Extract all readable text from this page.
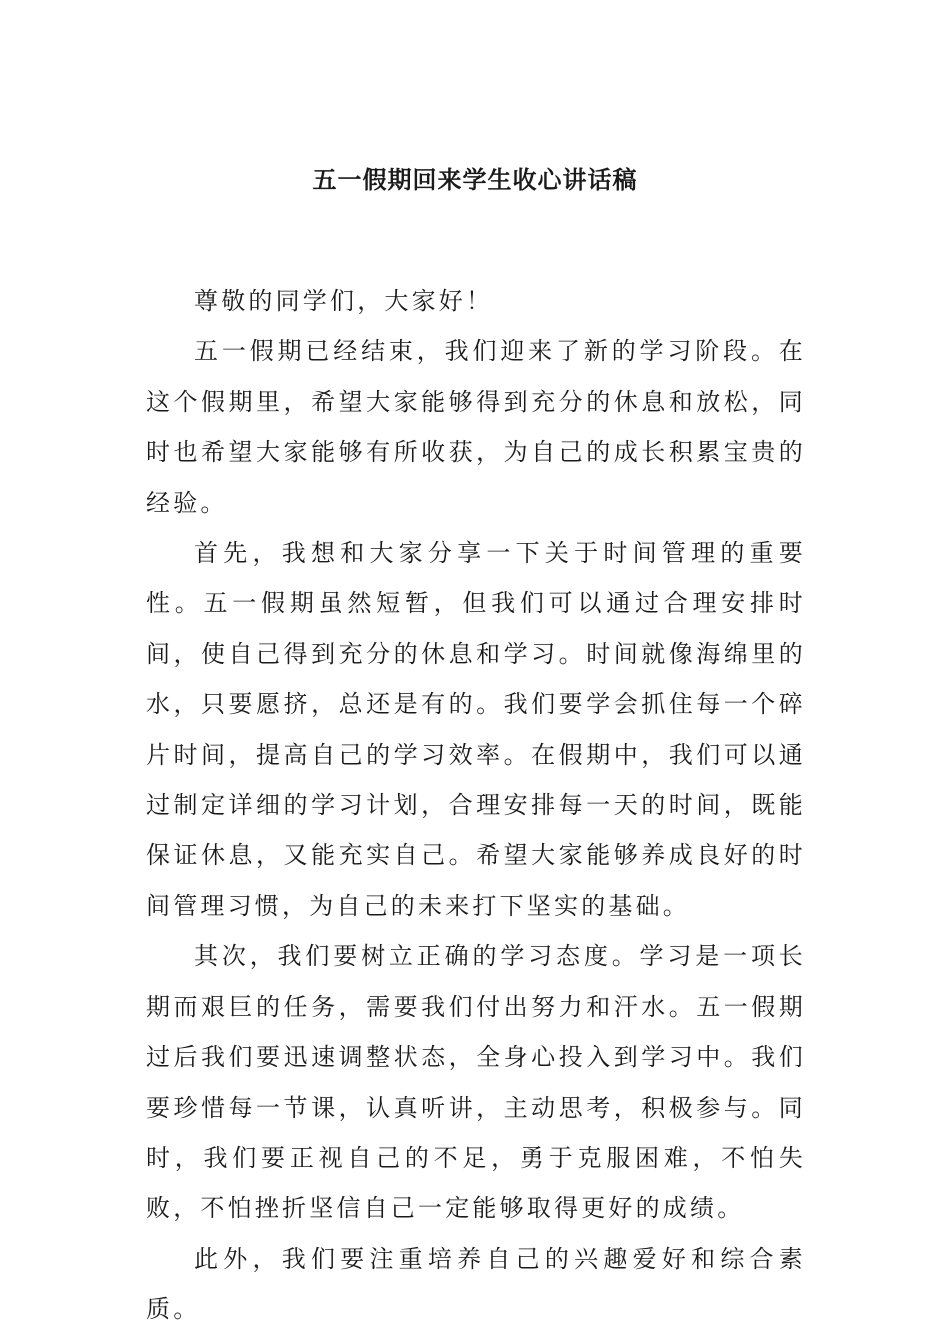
五一假期回来学生收心讲话稿

尊敬的同学们，大家好！

五一假期已经结束，我们迎来了新的学习阶段。在这个假期里，希望大家能够得到充分的休息和放松，同时也希望大家能够有所收获，为自己的成长积累宝贵的经验。

首先，我想和大家分享一下关于时间管理的重要性。五一假期虽然短暂，但我们可以通过合理安排时间，使自己得到充分的休息和学习。时间就像海绵里的水，只要愿挤，总还是有的。我们要学会抓住每一个碎片时间，提高自己的学习效率。在假期中，我们可以通过制定详细的学习计划，合理安排每一天的时间，既能保证休息，又能充实自己。希望大家能够养成良好的时间管理习惯，为自己的未来打下坚实的基础。

其次，我们要树立正确的学习态度。学习是一项长期而艰巨的任务，需要我们付出努力和汗水。五一假期过后我们要迅速调整状态，全身心投入到学习中。我们要珍惜每一节课，认真听讲，主动思考，积极参与。同时，我们要正视自己的不足，勇于克服困难，不怕失败，不怕挫折坚信自己一定能够取得更好的成绩。

此外，我们要注重培养自己的兴趣爱好和综合素质。
